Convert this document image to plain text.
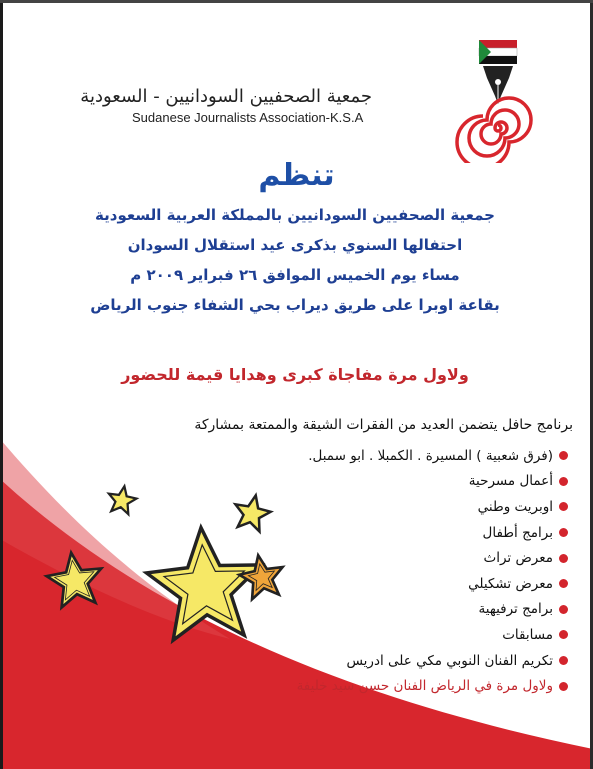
جمعية الصحفيين السودانيين - السعودية
Sudanese Journalists Association-K.S.A
تنظم
جمعية الصحفيين السودانيين بالمملكة العربية السعودية
احتفالها السنوي بذكرى عيد استقلال السودان
مساء يوم الخميس الموافق ٢٦ فبراير ٢٠٠٩ م
بقاعة اوبرا على طريق ديراب بحي الشفاء جنوب الرياض
ولاول مرة مفاجاة كبرى وهدايا قيمة للحضور
برنامج حافل يتضمن العديد من الفقرات الشيقة والممتعة بمشاركة
(فرق شعبية ) المسيرة . الكمبلا . ابو سمبل.
أعمال مسرحية
اوبريت وطني
برامج أطفال
معرض تراث
معرض تشكيلي
برامج ترفيهية
مسابقات
تكريم الفنان النوبي مكي على ادريس
ولاول مرة في الرياض الفنان حسن سيد خليفة
